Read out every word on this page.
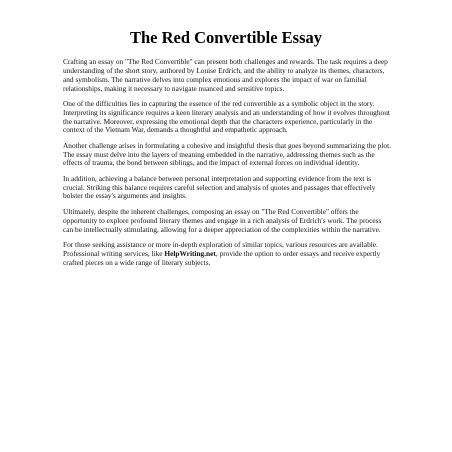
The Red Convertible Essay

Crafting an essay on "The Red Convertible" can present both challenges and rewards. The task requires a deep understanding of the short story, authored by Louise Erdrich, and the ability to analyze its themes, characters, and symbolism. The narrative delves into complex emotions and explores the impact of war on familial relationships, making it necessary to navigate nuanced and sensitive topics.

One of the difficulties lies in capturing the essence of the red convertible as a symbolic object in the story. Interpreting its significance requires a keen literary analysis and an understanding of how it evolves throughout the narrative. Moreover, expressing the emotional depth that the characters experience, particularly in the context of the Vietnam War, demands a thoughtful and empathetic approach.

Another challenge arises in formulating a cohesive and insightful thesis that goes beyond summarizing the plot. The essay must delve into the layers of meaning embedded in the narrative, addressing themes such as the effects of trauma, the bond between siblings, and the impact of external forces on individual identity.

In addition, achieving a balance between personal interpretation and supporting evidence from the text is crucial. Striking this balance requires careful selection and analysis of quotes and passages that effectively bolster the essay's arguments and insights.

Ultimately, despite the inherent challenges, composing an essay on "The Red Convertible" offers the opportunity to explore profound literary themes and engage in a rich analysis of Erdrich's work. The process can be intellectually stimulating, allowing for a deeper appreciation of the complexities within the narrative.

For those seeking assistance or more in-depth exploration of similar topics, various resources are available. Professional writing services, like HelpWriting.net, provide the option to order essays and receive expertly crafted pieces on a wide range of literary subjects.
